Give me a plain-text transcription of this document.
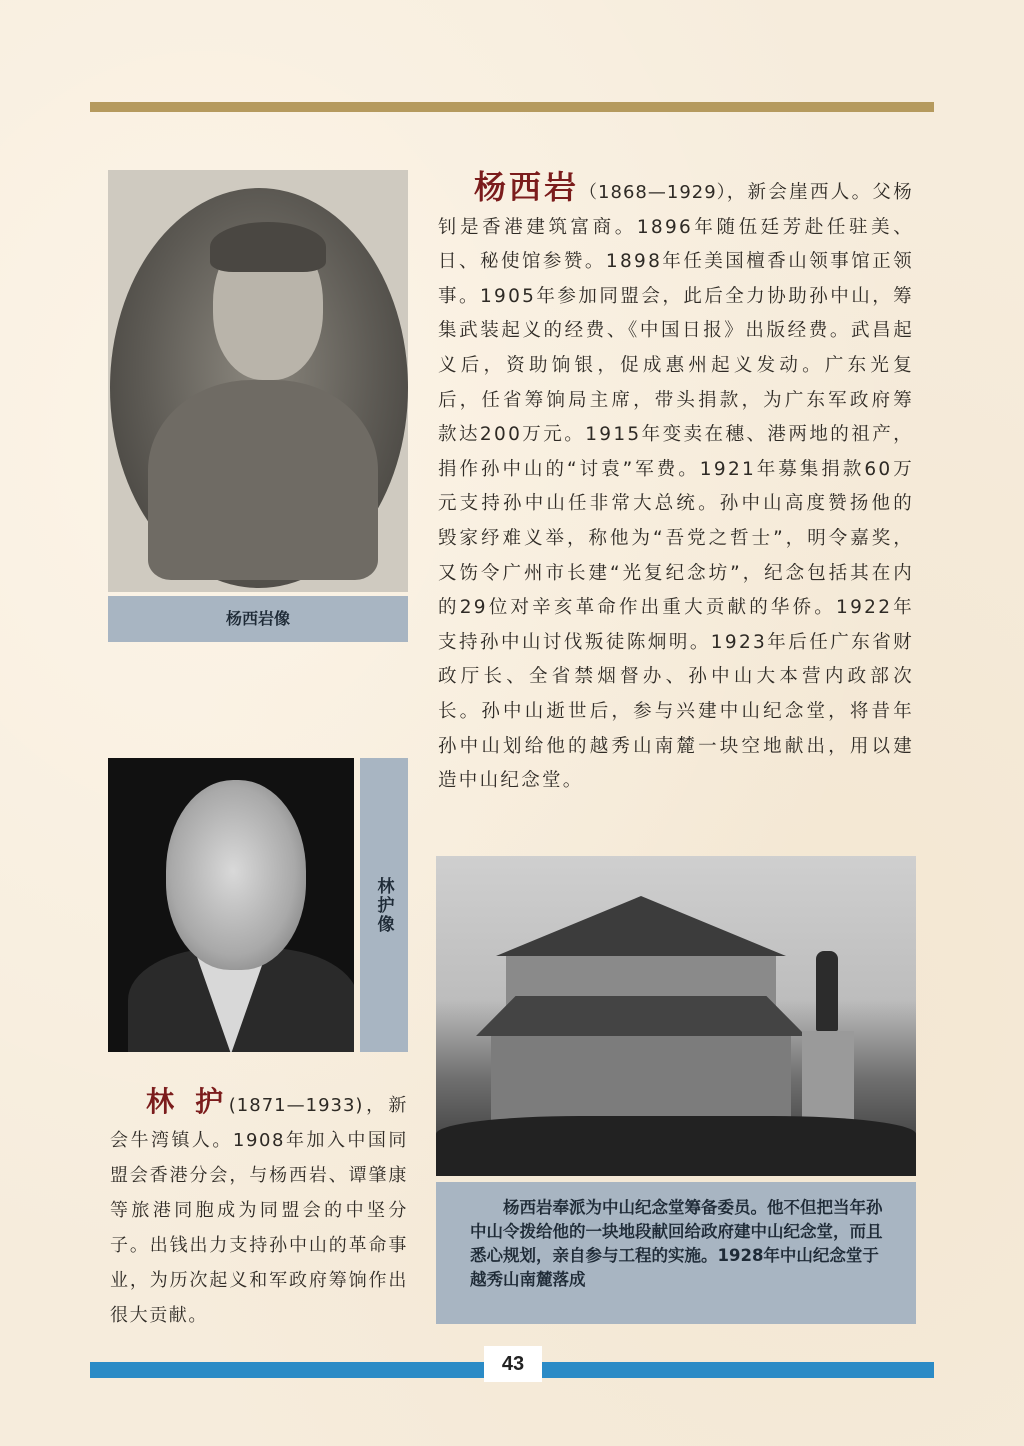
杨西岩像
杨西岩（1868—1929），新会崖西人。父杨钊是香港建筑富商。1896年随伍廷芳赴任驻美、日、秘使馆参赞。1898年任美国檀香山领事馆正领事。1905年参加同盟会，此后全力协助孙中山，筹集武装起义的经费、《中国日报》出版经费。武昌起义后，资助饷银，促成惠州起义发动。广东光复后，任省筹饷局主席，带头捐款，为广东军政府筹款达200万元。1915年变卖在穗、港两地的祖产，捐作孙中山的“讨袁”军费。1921年募集捐款60万元支持孙中山任非常大总统。孙中山高度赞扬他的毁家纾难义举，称他为“吾党之哲士”，明令嘉奖，又饬令广州市长建“光复纪念坊”，纪念包括其在内的29位对辛亥革命作出重大贡献的华侨。1922年支持孙中山讨伐叛徒陈炯明。1923年后任广东省财政厅长、全省禁烟督办、孙中山大本营内政部次长。孙中山逝世后，参与兴建中山纪念堂，将昔年孙中山划给他的越秀山南麓一块空地献出，用以建造中山纪念堂。
林护像
林 护(1871—1933)，新会牛湾镇人。1908年加入中国同盟会香港分会，与杨西岩、谭肇康等旅港同胞成为同盟会的中坚分子。出钱出力支持孙中山的革命事业，为历次起义和军政府筹饷作出很大贡献。
杨西岩奉派为中山纪念堂筹备委员。他不但把当年孙中山令拨给他的一块地段献回给政府建中山纪念堂，而且悉心规划，亲自参与工程的实施。1928年中山纪念堂于越秀山南麓落成
43
